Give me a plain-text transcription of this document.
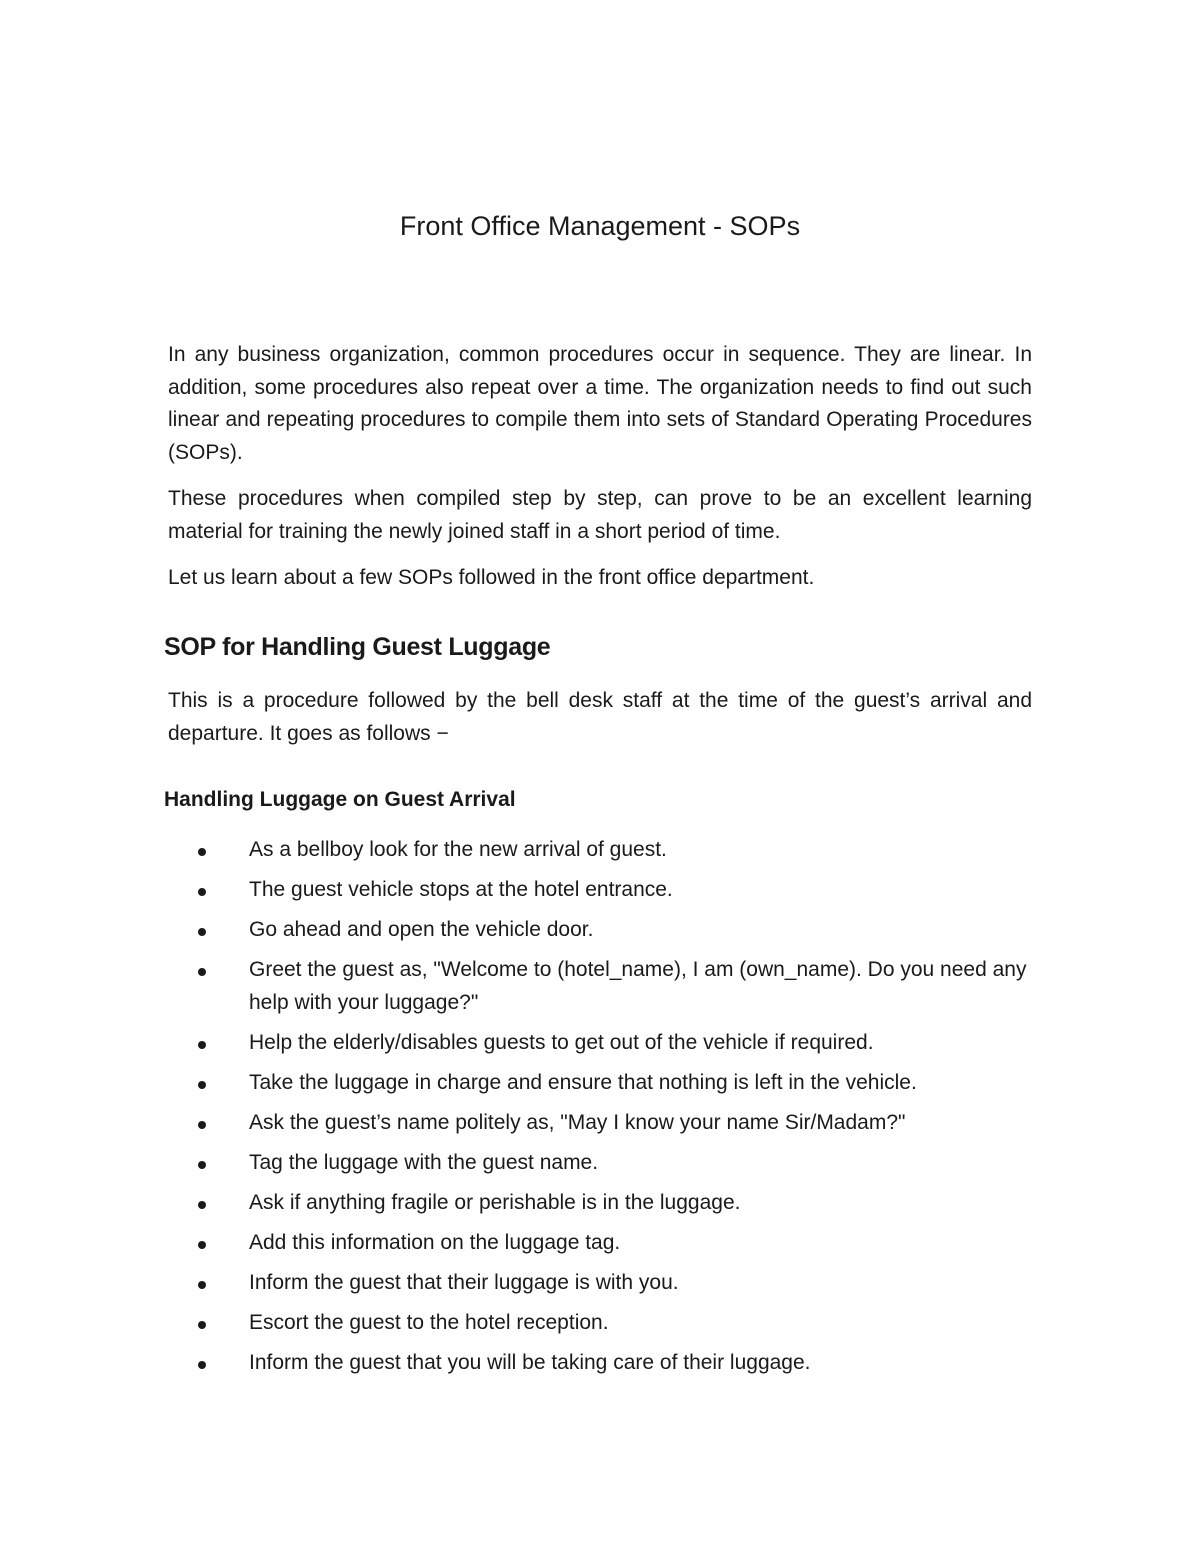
Front Office Management - SOPs

In any business organization, common procedures occur in sequence. They are linear. In addition, some procedures also repeat over a time. The organization needs to find out such linear and repeating procedures to compile them into sets of Standard Operating Procedures (SOPs).

These procedures when compiled step by step, can prove to be an excellent learning material for training the newly joined staff in a short period of time.

Let us learn about a few SOPs followed in the front office department.

SOP for Handling Guest Luggage

This is a procedure followed by the bell desk staff at the time of the guest’s arrival and departure. It goes as follows −

Handling Luggage on Guest Arrival
As a bellboy look for the new arrival of guest.
The guest vehicle stops at the hotel entrance.
Go ahead and open the vehicle door.
Greet the guest as, "Welcome to (hotel_name), I am (own_name). Do you need any help with your luggage?"
Help the elderly/disables guests to get out of the vehicle if required.
Take the luggage in charge and ensure that nothing is left in the vehicle.
Ask the guest’s name politely as, "May I know your name Sir/Madam?"
Tag the luggage with the guest name.
Ask if anything fragile or perishable is in the luggage.
Add this information on the luggage tag.
Inform the guest that their luggage is with you.
Escort the guest to the hotel reception.
Inform the guest that you will be taking care of their luggage.
